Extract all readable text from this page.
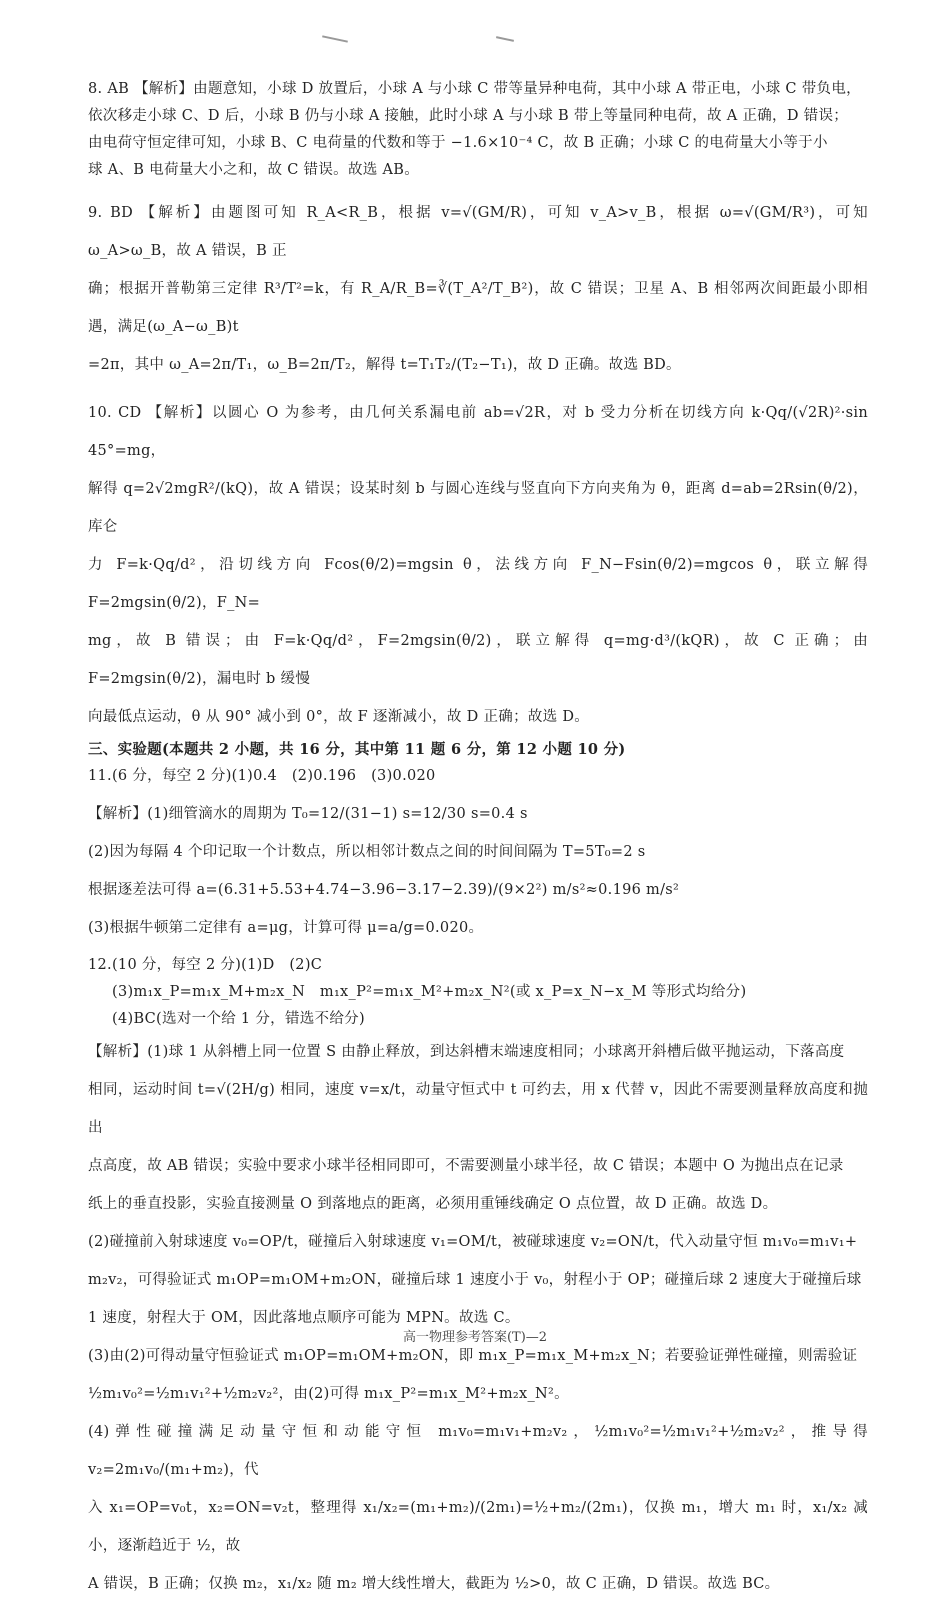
8. AB 【解析】由题意知，小球 D 放置后，小球 A 与小球 C 带等量异种电荷，其中小球 A 带正电，小球 C 带负电，

依次移走小球 C、D 后，小球 B 仍与小球 A 接触，此时小球 A 与小球 B 带上等量同种电荷，故 A 正确，D 错误；

由电荷守恒定律可知，小球 B、C 电荷量的代数和等于 −1.6×10⁻⁴ C，故 B 正确；小球 C 的电荷量大小等于小

球 A、B 电荷量大小之和，故 C 错误。故选 AB。

9. BD 【解析】由题图可知 R_A<R_B，根据 v=√(GM/R)，可知 v_A>v_B，根据 ω=√(GM/R³)，可知 ω_A>ω_B，故 A 错误，B 正

确；根据开普勒第三定律 R³/T²=k，有 R_A/R_B=∛(T_A²/T_B²)，故 C 错误；卫星 A、B 相邻两次间距最小即相遇，满足(ω_A−ω_B)t

=2π，其中 ω_A=2π/T₁，ω_B=2π/T₂，解得 t=T₁T₂/(T₂−T₁)，故 D 正确。故选 BD。

10. CD 【解析】以圆心 O 为参考，由几何关系漏电前 ab=√2R，对 b 受力分析在切线方向 k·Qq/(√2R)²·sin 45°=mg，

解得 q=2√2mgR²/(kQ)，故 A 错误；设某时刻 b 与圆心连线与竖直向下方向夹角为 θ，距离 d=ab=2Rsin(θ/2)，库仑

力 F=k·Qq/d²，沿切线方向 Fcos(θ/2)=mgsin θ，法线方向 F_N−Fsin(θ/2)=mgcos θ，联立解得 F=2mgsin(θ/2)，F_N=

mg，故 B 错误；由 F=k·Qq/d²，F=2mgsin(θ/2)，联立解得 q=mg·d³/(kQR)，故 C 正确；由 F=2mgsin(θ/2)，漏电时 b 缓慢

向最低点运动，θ 从 90° 减小到 0°，故 F 逐渐减小，故 D 正确；故选 D。

三、实验题(本题共 2 小题，共 16 分，其中第 11 题 6 分，第 12 小题 10 分)

11.(6 分，每空 2 分)(1)0.4　(2)0.196　(3)0.020

【解析】(1)细管滴水的周期为 T₀=12/(31−1) s=12/30 s=0.4 s

(2)因为每隔 4 个印记取一个计数点，所以相邻计数点之间的时间间隔为 T=5T₀=2 s

根据逐差法可得 a=(6.31+5.53+4.74−3.96−3.17−2.39)/(9×2²) m/s²≈0.196 m/s²

(3)根据牛顿第二定律有 a=μg，计算可得 μ=a/g=0.020。

12.(10 分，每空 2 分)(1)D　(2)C

(3)m₁x_P=m₁x_M+m₂x_N　m₁x_P²=m₁x_M²+m₂x_N²(或 x_P=x_N−x_M 等形式均给分)

(4)BC(选对一个给 1 分，错选不给分)

【解析】(1)球 1 从斜槽上同一位置 S 由静止释放，到达斜槽末端速度相同；小球离开斜槽后做平抛运动，下落高度

相同，运动时间 t=√(2H/g) 相同，速度 v=x/t，动量守恒式中 t 可约去，用 x 代替 v，因此不需要测量释放高度和抛出

点高度，故 AB 错误；实验中要求小球半径相同即可，不需要测量小球半径，故 C 错误；本题中 O 为抛出点在记录

纸上的垂直投影，实验直接测量 O 到落地点的距离，必须用重锤线确定 O 点位置，故 D 正确。故选 D。

(2)碰撞前入射球速度 v₀=OP/t，碰撞后入射球速度 v₁=OM/t，被碰球速度 v₂=ON/t，代入动量守恒 m₁v₀=m₁v₁+

m₂v₂，可得验证式 m₁OP=m₁OM+m₂ON，碰撞后球 1 速度小于 v₀，射程小于 OP；碰撞后球 2 速度大于碰撞后球

1 速度，射程大于 OM，因此落地点顺序可能为 MPN。故选 C。

(3)由(2)可得动量守恒验证式 m₁OP=m₁OM+m₂ON，即 m₁x_P=m₁x_M+m₂x_N；若要验证弹性碰撞，则需验证

½m₁v₀²=½m₁v₁²+½m₂v₂²，由(2)可得 m₁x_P²=m₁x_M²+m₂x_N²。

(4)弹性碰撞满足动量守恒和动能守恒 m₁v₀=m₁v₁+m₂v₂，½m₁v₀²=½m₁v₁²+½m₂v₂²，推导得 v₂=2m₁v₀/(m₁+m₂)，代

入 x₁=OP=v₀t，x₂=ON=v₂t，整理得 x₁/x₂=(m₁+m₂)/(2m₁)=½+m₂/(2m₁)，仅换 m₁，增大 m₁ 时，x₁/x₂ 减小，逐渐趋近于 ½，故

A 错误，B 正确；仅换 m₂，x₁/x₂ 随 m₂ 增大线性增大，截距为 ½>0，故 C 正确，D 错误。故选 BC。

高一物理参考答案(T)—2
